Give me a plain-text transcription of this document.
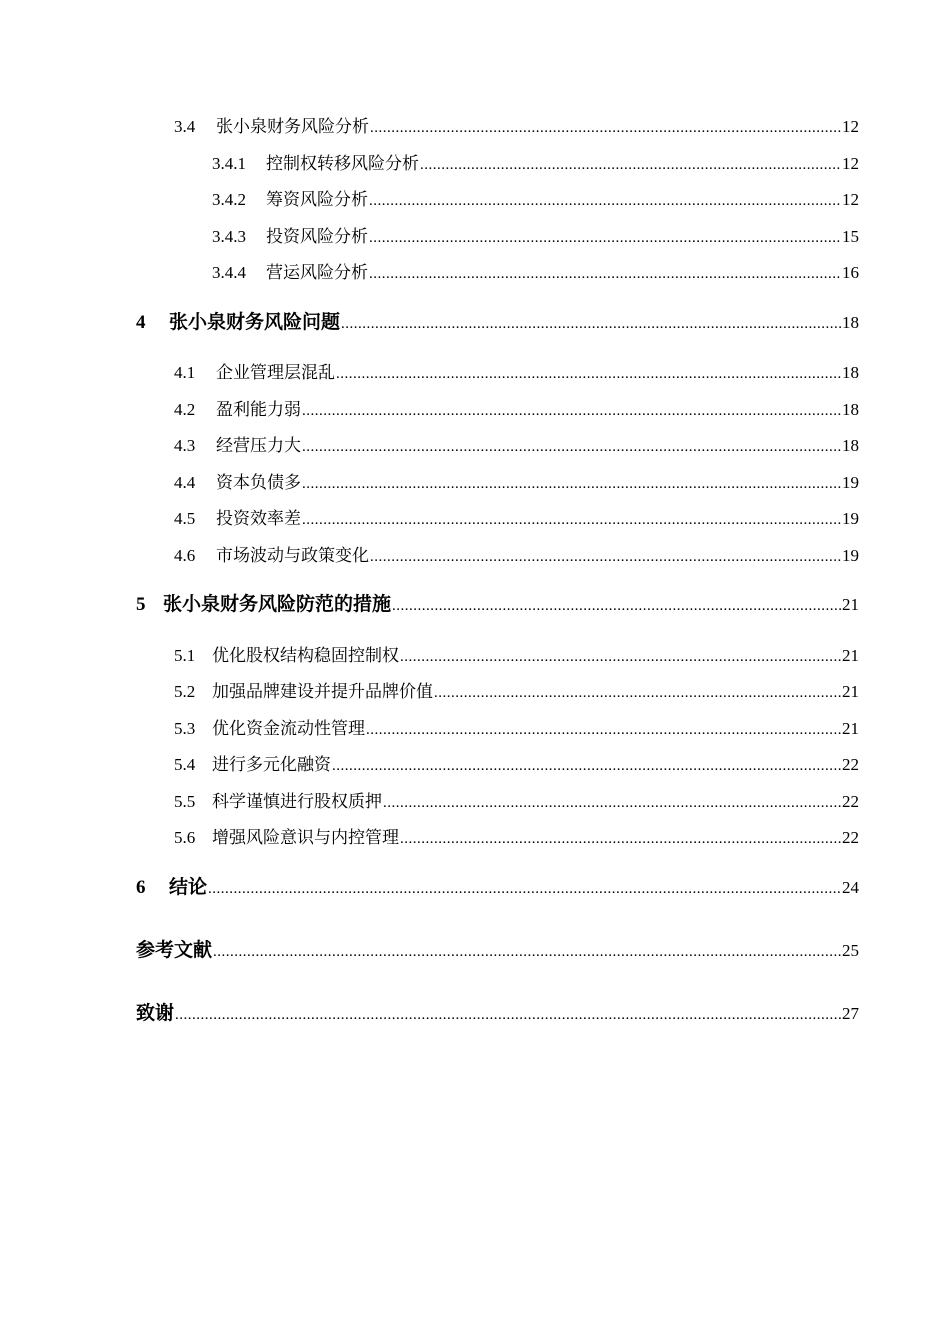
3.4	张小泉财务风险分析 .....	12
3.4.1	控制权转移风险分析 .....	12
3.4.2	筹资风险分析 .....	12
3.4.3	投资风险分析 .....	15
3.4.4	营运风险分析 .....	16
4	张小泉财务风险问题 .....	18
4.1	企业管理层混乱 .....	18
4.2	盈利能力弱 .....	18
4.3	经营压力大 .....	18
4.4	资本负债多 .....	19
4.5	投资效率差 .....	19
4.6	市场波动与政策变化 .....	19
5 张小泉财务风险防范的措施 .....	21
5.1 优化股权结构稳固控制权 .....	21
5.2 加强品牌建设并提升品牌价值 .....	21
5.3 优化资金流动性管理 .....	21
5.4 进行多元化融资 .....	22
5.5 科学谨慎进行股权质押 .....	22
5.6 增强风险意识与内控管理 .....	22
6	结论 .....	24
参考文献 .....	25
致谢 .....	27
